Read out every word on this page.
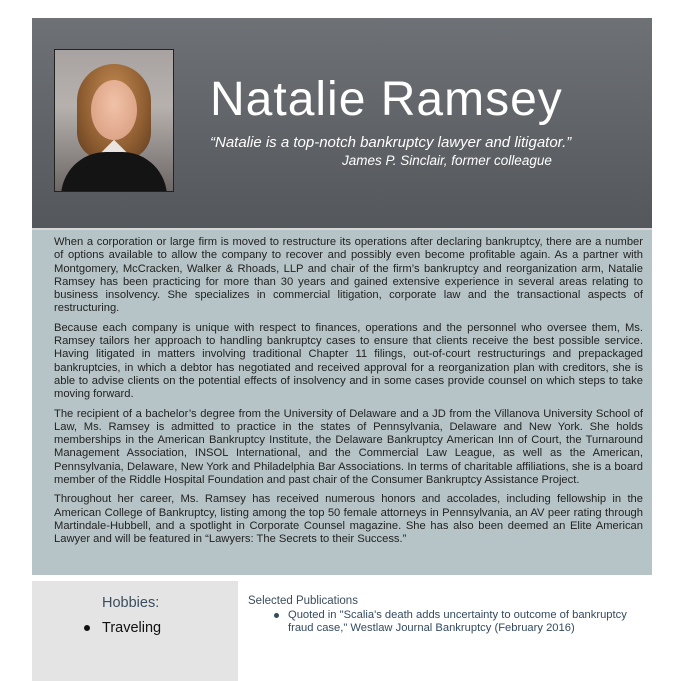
Natalie Ramsey

“Natalie is a top-notch bankruptcy lawyer and litigator.”

James P. Sinclair, former colleague

When a corporation or large firm is moved to restructure its operations after declaring bankruptcy, there are a number of options available to allow the company to recover and possibly even become profitable again. As a partner with Montgomery, McCracken, Walker & Rhoads, LLP and chair of the firm’s bankruptcy and reorganization arm, Natalie Ramsey has been practicing for more than 30 years and gained extensive experience in several areas relating to business insolvency. She specializes in commercial litigation, corporate law and the transactional aspects of restructuring.

Because each company is unique with respect to finances, operations and the personnel who oversee them, Ms. Ramsey tailors her approach to handling bankruptcy cases to ensure that clients receive the best possible service. Having litigated in matters involving traditional Chapter 11 filings, out-of-court restructurings and prepackaged bankruptcies, in which a debtor has negotiated and received approval for a reorganization plan with creditors, she is able to advise clients on the potential effects of insolvency and in some cases provide counsel on which steps to take moving forward.

The recipient of a bachelor’s degree from the University of Delaware and a JD from the Villanova University School of Law, Ms. Ramsey is admitted to practice in the states of Pennsylvania, Delaware and New York. She holds memberships in the American Bankruptcy Institute, the Delaware Bankruptcy American Inn of Court, the Turnaround Management Association, INSOL International, and the Commercial Law League, as well as the American, Pennsylvania, Delaware, New York and Philadelphia Bar Associations. In terms of charitable affiliations, she is a board member of the Riddle Hospital Foundation and past chair of the Consumer Bankruptcy Assistance Project.

Throughout her career, Ms. Ramsey has received numerous honors and accolades, including fellowship in the American College of Bankruptcy, listing among the top 50 female attorneys in Pennsylvania, an AV peer rating through Martindale-Hubbell, and a spotlight in Corporate Counsel magazine. She has also been deemed an Elite American Lawyer and will be featured in “Lawyers: The Secrets to their Success.”

Hobbies:
Traveling
Selected Publications
Quoted in "Scalia's death adds uncertainty to outcome of bankruptcy fraud case," Westlaw Journal Bankruptcy (February 2016)
